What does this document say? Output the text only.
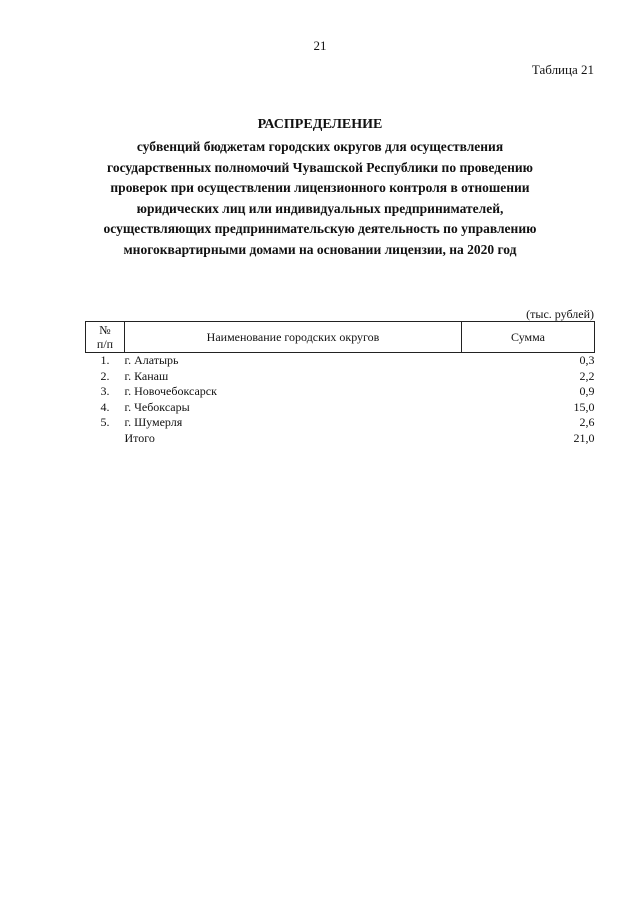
21
Таблица 21
РАСПРЕДЕЛЕНИЕ
субвенций бюджетам городских округов для осуществления
государственных полномочий Чувашской Республики по проведению
проверок при осуществлении лицензионного контроля в отношении
юридических лиц или индивидуальных предпринимателей,
осуществляющих предпринимательскую деятельность по управлению
многоквартирными домами на основании лицензии, на 2020 год
(тыс. рублей)
№
п/п	Наименование городских округов	Сумма
1.	г. Алатырь	0,3
2.	г. Канаш	2,2
3.	г. Новочебоксарск	0,9
4.	г. Чебоксары	15,0
5.	г. Шумерля	2,6
	Итого	21,0
